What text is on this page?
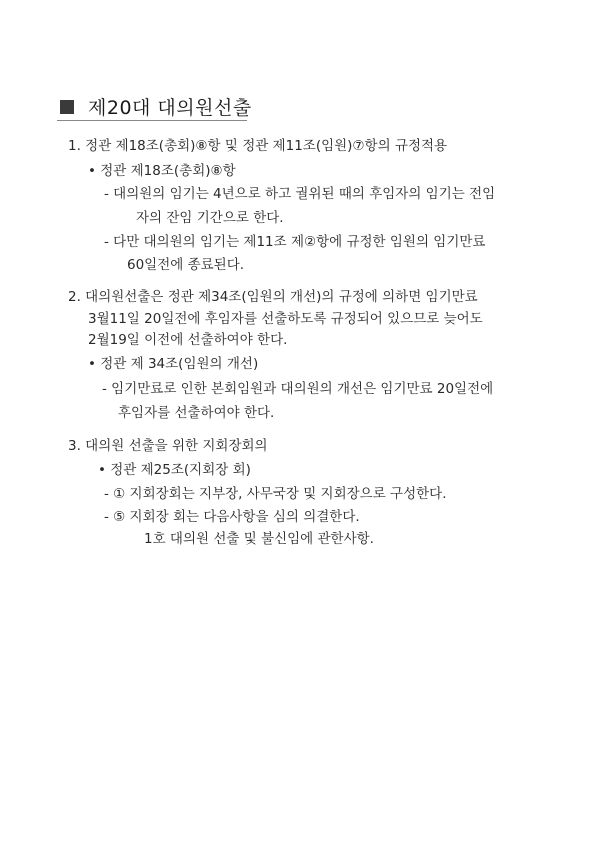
제20대 대의원선출
1. 정관 제18조(총회)⑧항 및 정관 제11조(임원)⑦항의 규정적용
• 정관 제18조(총회)⑧항
- 대의원의 임기는 4년으로 하고 궐위된 때의 후임자의 임기는 전임
자의 잔임 기간으로 한다.
- 다만 대의원의 임기는 제11조 제②항에 규정한 임원의 임기만료
60일전에 종료된다.
2. 대의원선출은 정관 제34조(임원의 개선)의 규정에 의하면 임기만료
3월11일 20일전에 후임자를 선출하도록 규정되어 있으므로 늦어도
2월19일 이전에 선출하여야 한다.
• 정관 제 34조(임원의 개선)
- 임기만료로 인한 본회임원과 대의원의 개선은 임기만료 20일전에
후임자를 선출하여야 한다.
3. 대의원 선출을 위한 지회장회의
• 정관 제25조(지회장 회)
- ① 지회장회는 지부장, 사무국장 및 지회장으로 구성한다.
- ⑤ 지회장 회는 다음사항을 심의 의결한다.
1호 대의원 선출 및 불신임에 관한사항.
